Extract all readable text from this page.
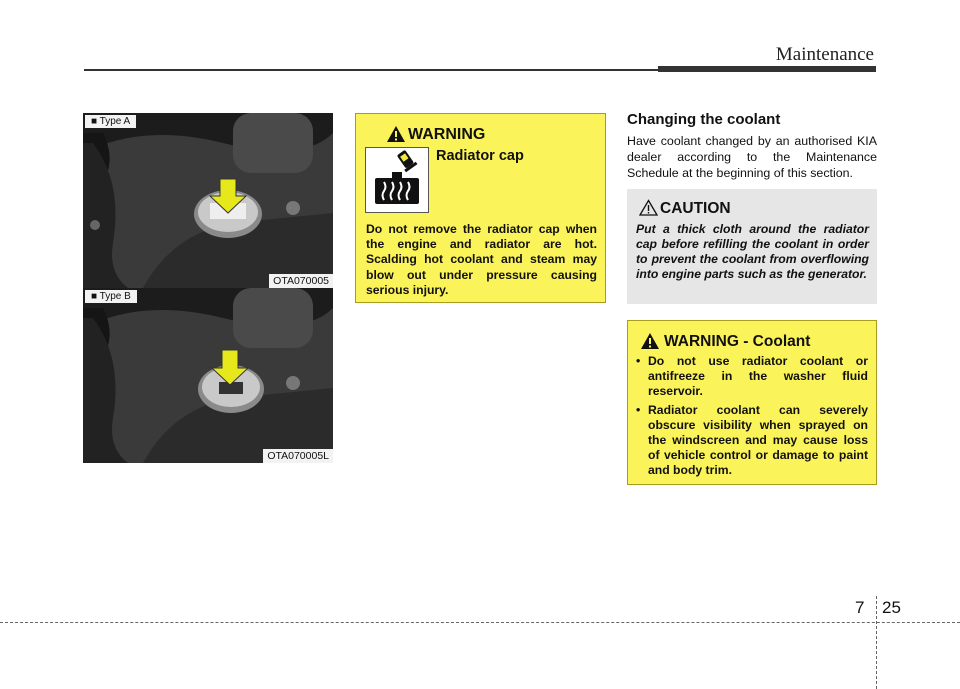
Maintenance
■ Type A
OTA070005
■ Type B
OTA070005L
WARNING
Radiator cap
Do not remove the radiator cap when the engine and radiator are hot. Scalding hot coolant and steam may blow out under pressure causing serious injury.
Changing the coolant
Have coolant changed by an authorised KIA dealer according to the Maintenance Schedule at the beginning of this section.
CAUTION
Put a thick cloth around the radiator cap before refilling the coolant in order to prevent the coolant from overflowing into engine parts such as the generator.
WARNING - Coolant
• Do not use radiator coolant or antifreeze in the washer fluid reservoir.
• Radiator coolant can severely obscure visibility when sprayed on the windscreen and may cause loss of vehicle control or damage to paint and body trim.
7 25
